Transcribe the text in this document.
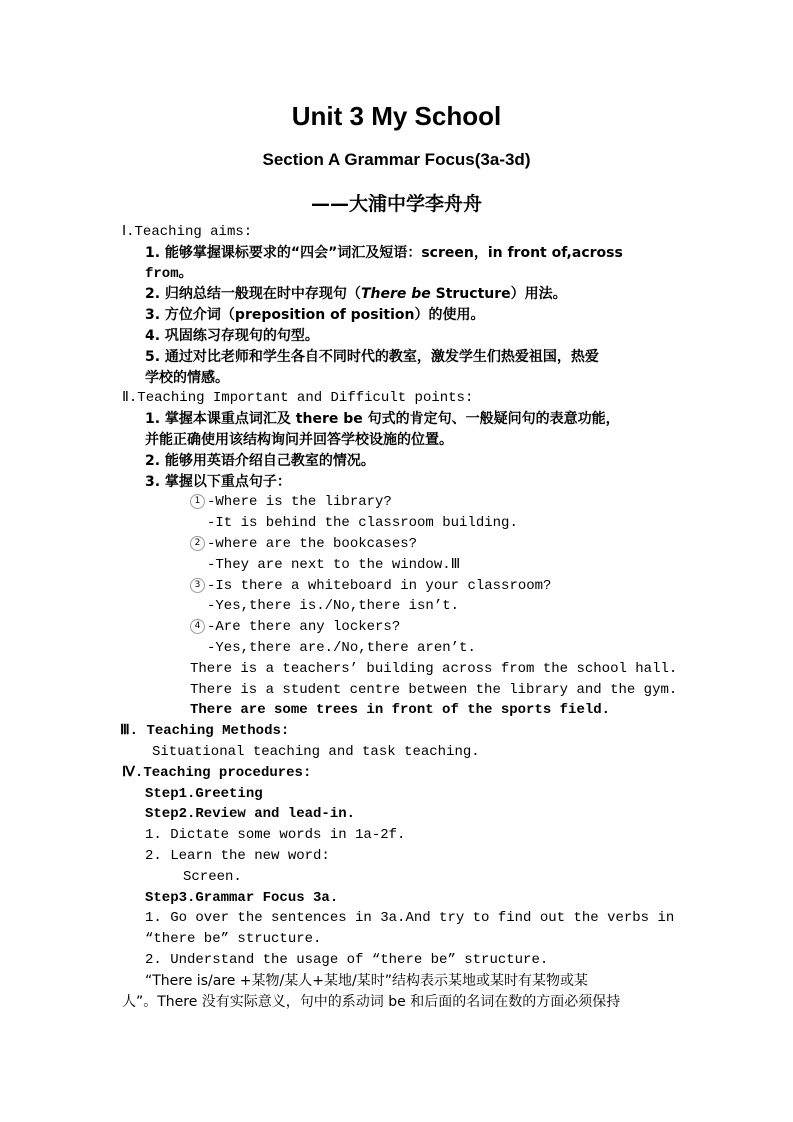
Unit 3 My School
Section A Grammar Focus(3a-3d)
——大浦中学李舟舟
Ⅰ.Teaching aims:
1. 能够掌握课标要求的“四会”词汇及短语：screen，in front of,across
from。
2. 归纳总结一般现在时中存现句（There be Structure）用法。
3. 方位介词（preposition of position）的使用。
4. 巩固练习存现句的句型。
5. 通过对比老师和学生各自不同时代的教室，激发学生们热爱祖国，热爱
学校的情感。
Ⅱ.Teaching Important and Difficult points:
1. 掌握本课重点词汇及 there be 句式的肯定句、一般疑问句的表意功能，
并能正确使用该结构询问并回答学校设施的位置。
2. 能够用英语介绍自己教室的情况。
3. 掌握以下重点句子：
1 -Where is the library?
-It is behind the classroom building.
2 -where are the bookcases?
-They are next to the window.Ⅲ
3 -Is there a whiteboard in your classroom?
-Yes,there is./No,there isn’t.
4 -Are there any lockers?
-Yes,there are./No,there aren’t.
There is a teachers’ building across from the school hall.
There is a student centre between the library and the gym.
There are some trees in front of the sports field.
Ⅲ. Teaching Methods:
Situational teaching and task teaching.
Ⅳ.Teaching procedures:
Step1.Greeting
Step2.Review and lead-in.
1. Dictate some words in 1a-2f.
2. Learn the new word:
Screen.
Step3.Grammar Focus 3a.
1. Go over the sentences in 3a.And try to find out the verbs in
“there be” structure.
2. Understand the usage of “there be” structure.
“There is/are +某物/某人+某地/某时”结构表示某地或某时有某物或某
人”。There 没有实际意义，句中的系动词 be 和后面的名词在数的方面必须保持
